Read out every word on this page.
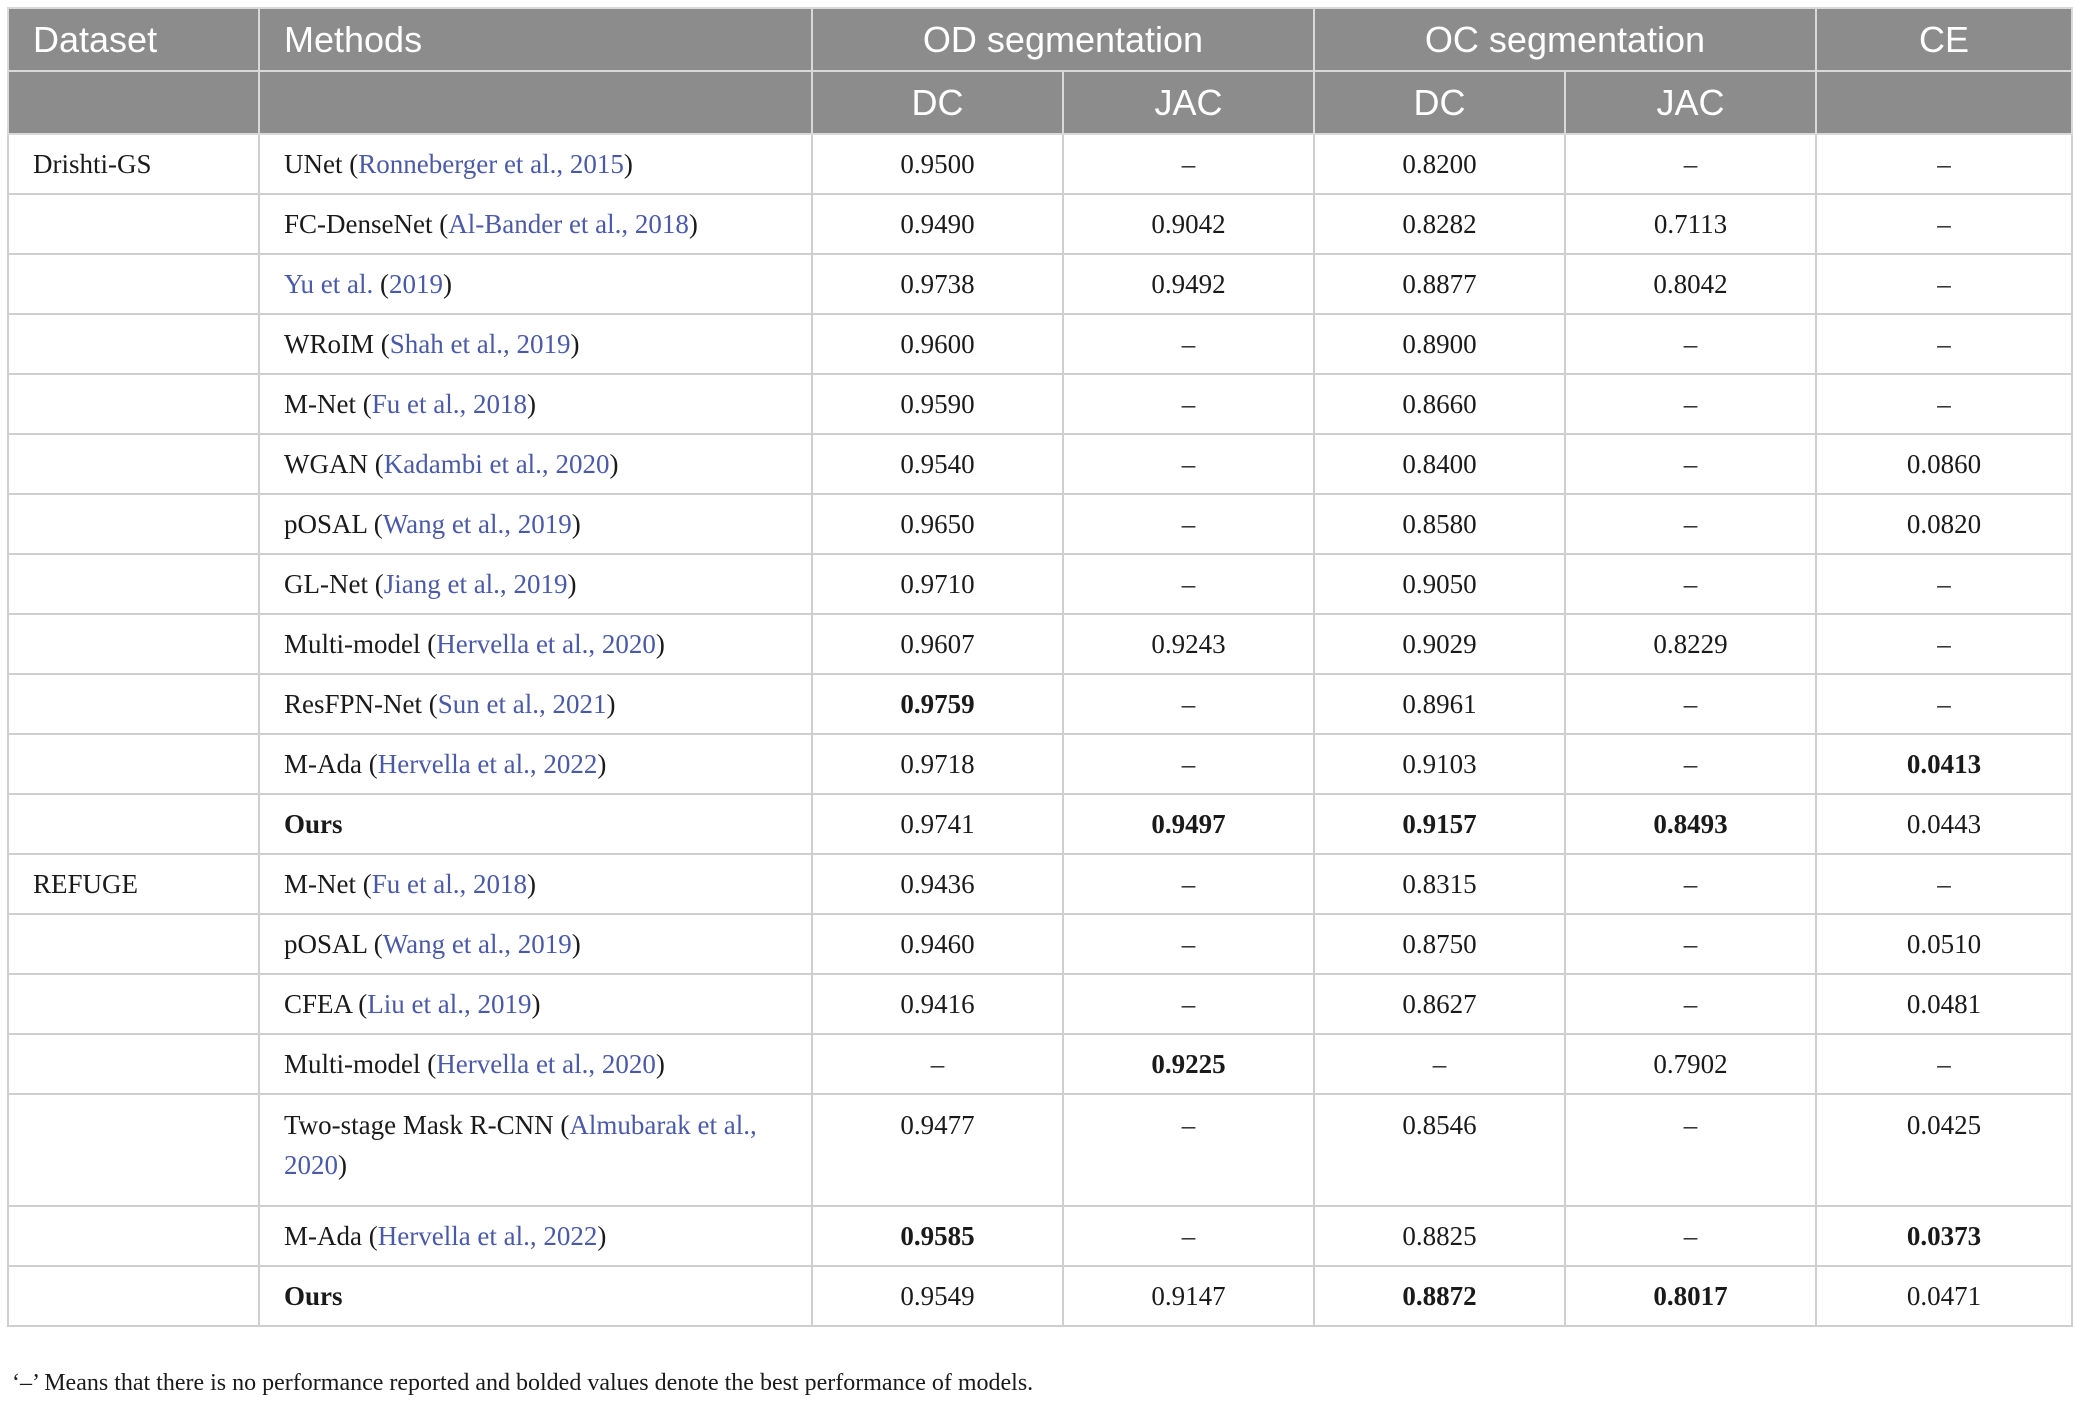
Dataset	Methods	OD segmentation		OC segmentation		CE
		DC	JAC	DC	JAC	
Drishti-GS	UNet (Ronneberger et al., 2015)	0.9500	–	0.8200	–	–
	FC-DenseNet (Al-Bander et al., 2018)	0.9490	0.9042	0.8282	0.7113	–
	Yu et al. (2019)	0.9738	0.9492	0.8877	0.8042	–
	WRoIM (Shah et al., 2019)	0.9600	–	0.8900	–	–
	M-Net (Fu et al., 2018)	0.9590	–	0.8660	–	–
	WGAN (Kadambi et al., 2020)	0.9540	–	0.8400	–	0.0860
	pOSAL (Wang et al., 2019)	0.9650	–	0.8580	–	0.0820
	GL-Net (Jiang et al., 2019)	0.9710	–	0.9050	–	–
	Multi-model (Hervella et al., 2020)	0.9607	0.9243	0.9029	0.8229	–
	ResFPN-Net (Sun et al., 2021)	0.9759	–	0.8961	–	–
	M-Ada (Hervella et al., 2022)	0.9718	–	0.9103	–	0.0413
	Ours	0.9741	0.9497	0.9157	0.8493	0.0443
REFUGE	M-Net (Fu et al., 2018)	0.9436	–	0.8315	–	–
	pOSAL (Wang et al., 2019)	0.9460	–	0.8750	–	0.0510
	CFEA (Liu et al., 2019)	0.9416	–	0.8627	–	0.0481
	Multi-model (Hervella et al., 2020)	–	0.9225	–	0.7902	–
	Two-stage Mask R-CNN (Almubarak et al., 2020)	0.9477	–	0.8546	–	0.0425
	M-Ada (Hervella et al., 2022)	0.9585	–	0.8825	–	0.0373
	Ours	0.9549	0.9147	0.8872	0.8017	0.0471
‘–’ Means that there is no performance reported and bolded values denote the best performance of models.
